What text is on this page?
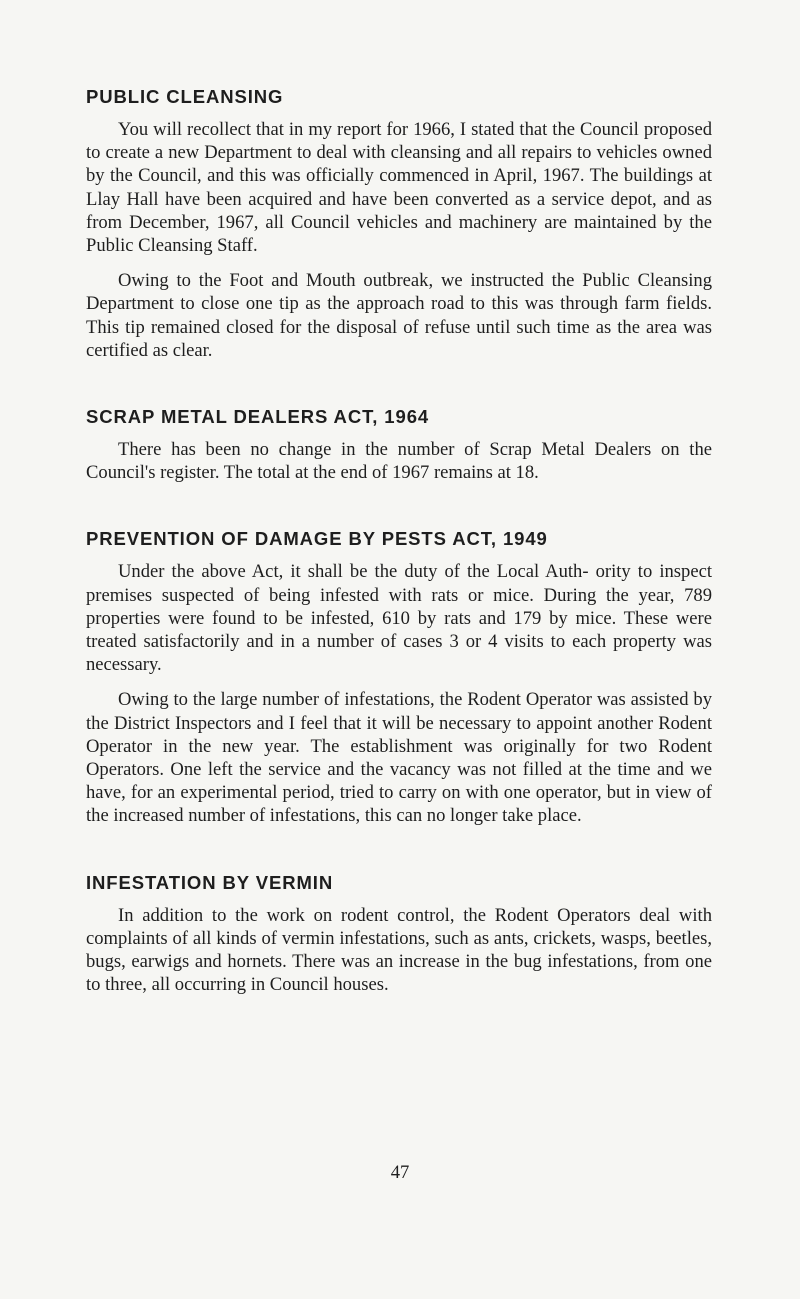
PUBLIC CLEANSING

You will recollect that in my report for 1966, I stated that the Council proposed to create a new Department to deal with cleansing and all repairs to vehicles owned by the Council, and this was officially commenced in April, 1967. The buildings at Llay Hall have been acquired and have been converted as a service depot, and as from December, 1967, all Council vehicles and machinery are maintained by the Public Cleansing Staff.

Owing to the Foot and Mouth outbreak, we instructed the Public Cleansing Department to close one tip as the approach road to this was through farm fields. This tip remained closed for the disposal of refuse until such time as the area was certified as clear.

SCRAP METAL DEALERS ACT, 1964

There has been no change in the number of Scrap Metal Dealers on the Council's register. The total at the end of 1967 remains at 18.

PREVENTION OF DAMAGE BY PESTS ACT, 1949

Under the above Act, it shall be the duty of the Local Auth- ority to inspect premises suspected of being infested with rats or mice. During the year, 789 properties were found to be infested, 610 by rats and 179 by mice. These were treated satisfactorily and in a number of cases 3 or 4 visits to each property was necessary.

Owing to the large number of infestations, the Rodent Operator was assisted by the District Inspectors and I feel that it will be necessary to appoint another Rodent Operator in the new year. The establishment was originally for two Rodent Operators. One left the service and the vacancy was not filled at the time and we have, for an experimental period, tried to carry on with one operator, but in view of the increased number of infestations, this can no longer take place.

INFESTATION BY VERMIN

In addition to the work on rodent control, the Rodent Operators deal with complaints of all kinds of vermin infestations, such as ants, crickets, wasps, beetles, bugs, earwigs and hornets. There was an increase in the bug infestations, from one to three, all occurring in Council houses.

47
